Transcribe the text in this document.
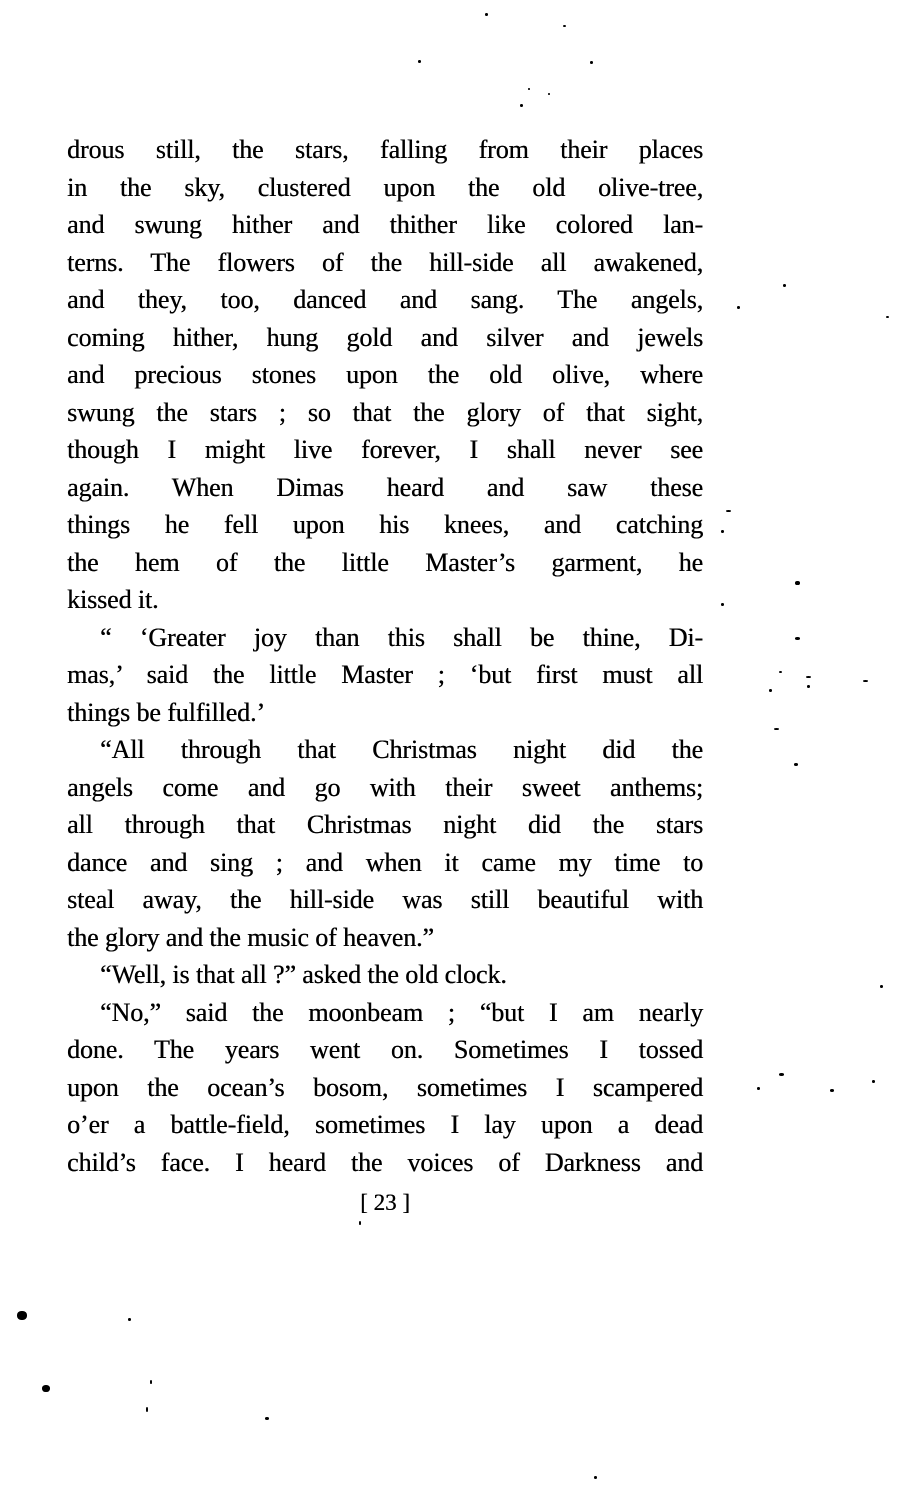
drous still, the stars, falling from their places

in the sky, clustered upon the old olive-tree,

and swung hither and thither like colored lan-

terns. The flowers of the hill-side all awakened,

and they, too, danced and sang. The angels,

coming hither, hung gold and silver and jewels

and precious stones upon the old olive, where

swung the stars ; so that the glory of that sight,

though I might live forever, I shall never see

again. When Dimas heard and saw these

things he fell upon his knees, and catching

the hem of the little Master’s garment, he

kissed it.

“ ‘Greater joy than this shall be thine, Di-

mas,’ said the little Master ; ‘but first must all

things be fulfilled.’

“All through that Christmas night did the

angels come and go with their sweet anthems;

all through that Christmas night did the stars

dance and sing ; and when it came my time to

steal away, the hill-side was still beautiful with

the glory and the music of heaven.”

“Well, is that all ?” asked the old clock.

“No,” said the moonbeam ; “but I am nearly

done. The years went on. Sometimes I tossed

upon the ocean’s bosom, sometimes I scampered

o’er a battle-field, sometimes I lay upon a dead

child’s face. I heard the voices of Darkness and

[ 23 ]
